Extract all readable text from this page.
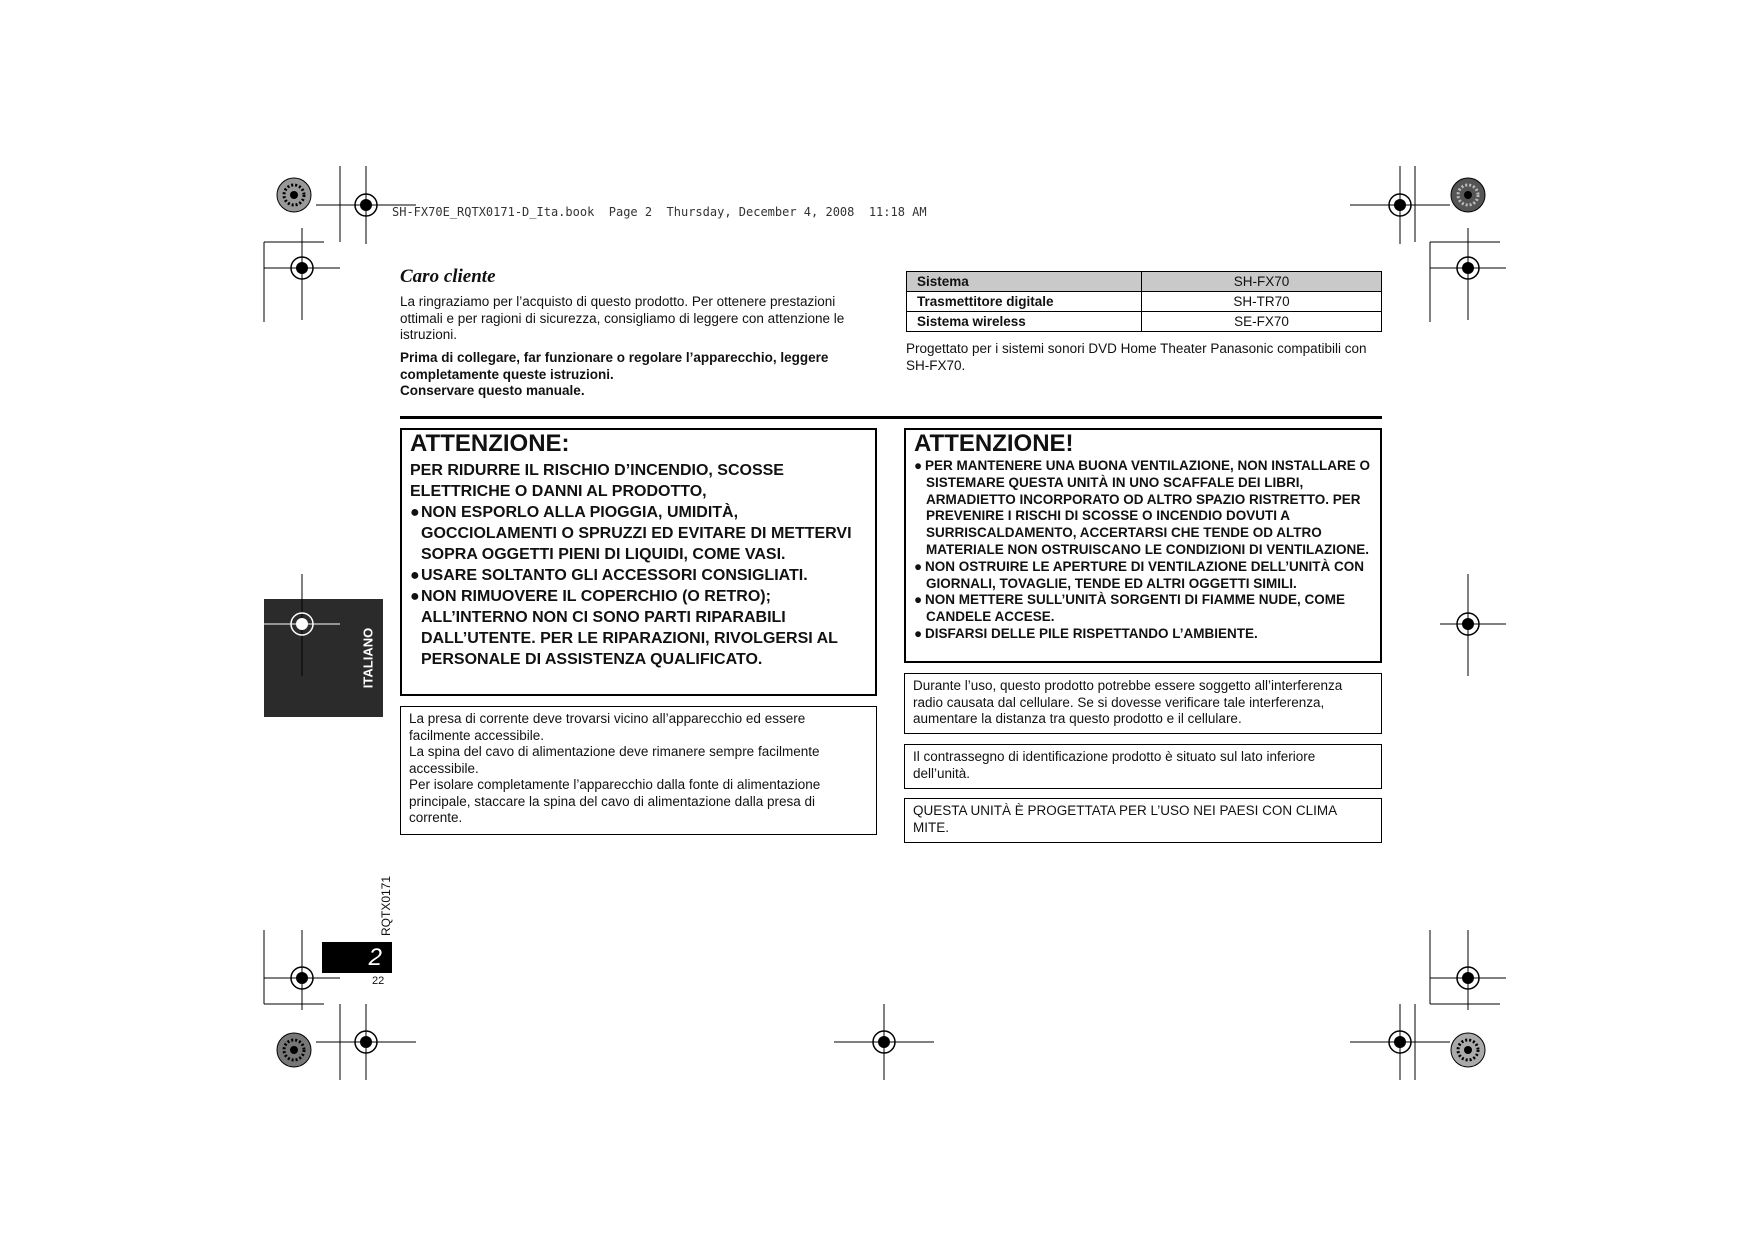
SH-FX70E_RQTX0171-D_Ita.book  Page 2  Thursday, December 4, 2008  11:18 AM
Caro cliente
La ringraziamo per l’acquisto di questo prodotto. Per ottenere prestazioni ottimali e per ragioni di sicurezza, consigliamo di leggere con attenzione le istruzioni.
Prima di collegare, far funzionare o regolare l’apparecchio, leggere completamente queste istruzioni.
Conservare questo manuale.
Sistema	SH-FX70
Trasmettitore digitale	SH-TR70
Sistema wireless	SE-FX70
Progettato per i sistemi sonori DVD Home Theater Panasonic compatibili con SH-FX70.
ATTENZIONE:
PER RIDURRE IL RISCHIO D’INCENDIO, SCOSSE ELETTRICHE O DANNI AL PRODOTTO,
●NON ESPORLO ALLA PIOGGIA, UMIDITÀ, GOCCIOLAMENTI O SPRUZZI ED EVITARE DI METTERVI SOPRA OGGETTI PIENI DI LIQUIDI, COME VASI.
●USARE SOLTANTO GLI ACCESSORI CONSIGLIATI.
●NON RIMUOVERE IL COPERCHIO (O RETRO); ALL’INTERNO NON CI SONO PARTI RIPARABILI DALL’UTENTE. PER LE RIPARAZIONI, RIVOLGERSI AL PERSONALE DI ASSISTENZA QUALIFICATO.
ATTENZIONE!
● PER MANTENERE UNA BUONA VENTILAZIONE, NON INSTALLARE O SISTEMARE QUESTA UNITÀ IN UNO SCAFFALE DEI LIBRI, ARMADIETTO INCORPORATO OD ALTRO SPAZIO RISTRETTO. PER PREVENIRE I RISCHI DI SCOSSE O INCENDIO DOVUTI A SURRISCALDAMENTO, ACCERTARSI CHE TENDE OD ALTRO MATERIALE NON OSTRUISCANO LE CONDIZIONI DI VENTILAZIONE.
● NON OSTRUIRE LE APERTURE DI VENTILAZIONE DELL’UNITÀ CON GIORNALI, TOVAGLIE, TENDE ED ALTRI OGGETTI SIMILI.
● NON METTERE SULL’UNITÀ SORGENTI DI FIAMME NUDE, COME CANDELE ACCESE.
● DISFARSI DELLE PILE RISPETTANDO L’AMBIENTE.
La presa di corrente deve trovarsi vicino all’apparecchio ed essere facilmente accessibile.
La spina del cavo di alimentazione deve rimanere sempre facilmente accessibile.
Per isolare completamente l’apparecchio dalla fonte di alimentazione principale, staccare la spina del cavo di alimentazione dalla presa di corrente.
Durante l’uso, questo prodotto potrebbe essere soggetto all’interferenza radio causata dal cellulare. Se si dovesse verificare tale interferenza, aumentare la distanza tra questo prodotto e il cellulare.
Il contrassegno di identificazione prodotto è situato sul lato inferiore dell’unità.
QUESTA UNITÀ È PROGETTATA PER L’USO NEI PAESI CON CLIMA MITE.
ITALIANO
RQTX0171
2
22
